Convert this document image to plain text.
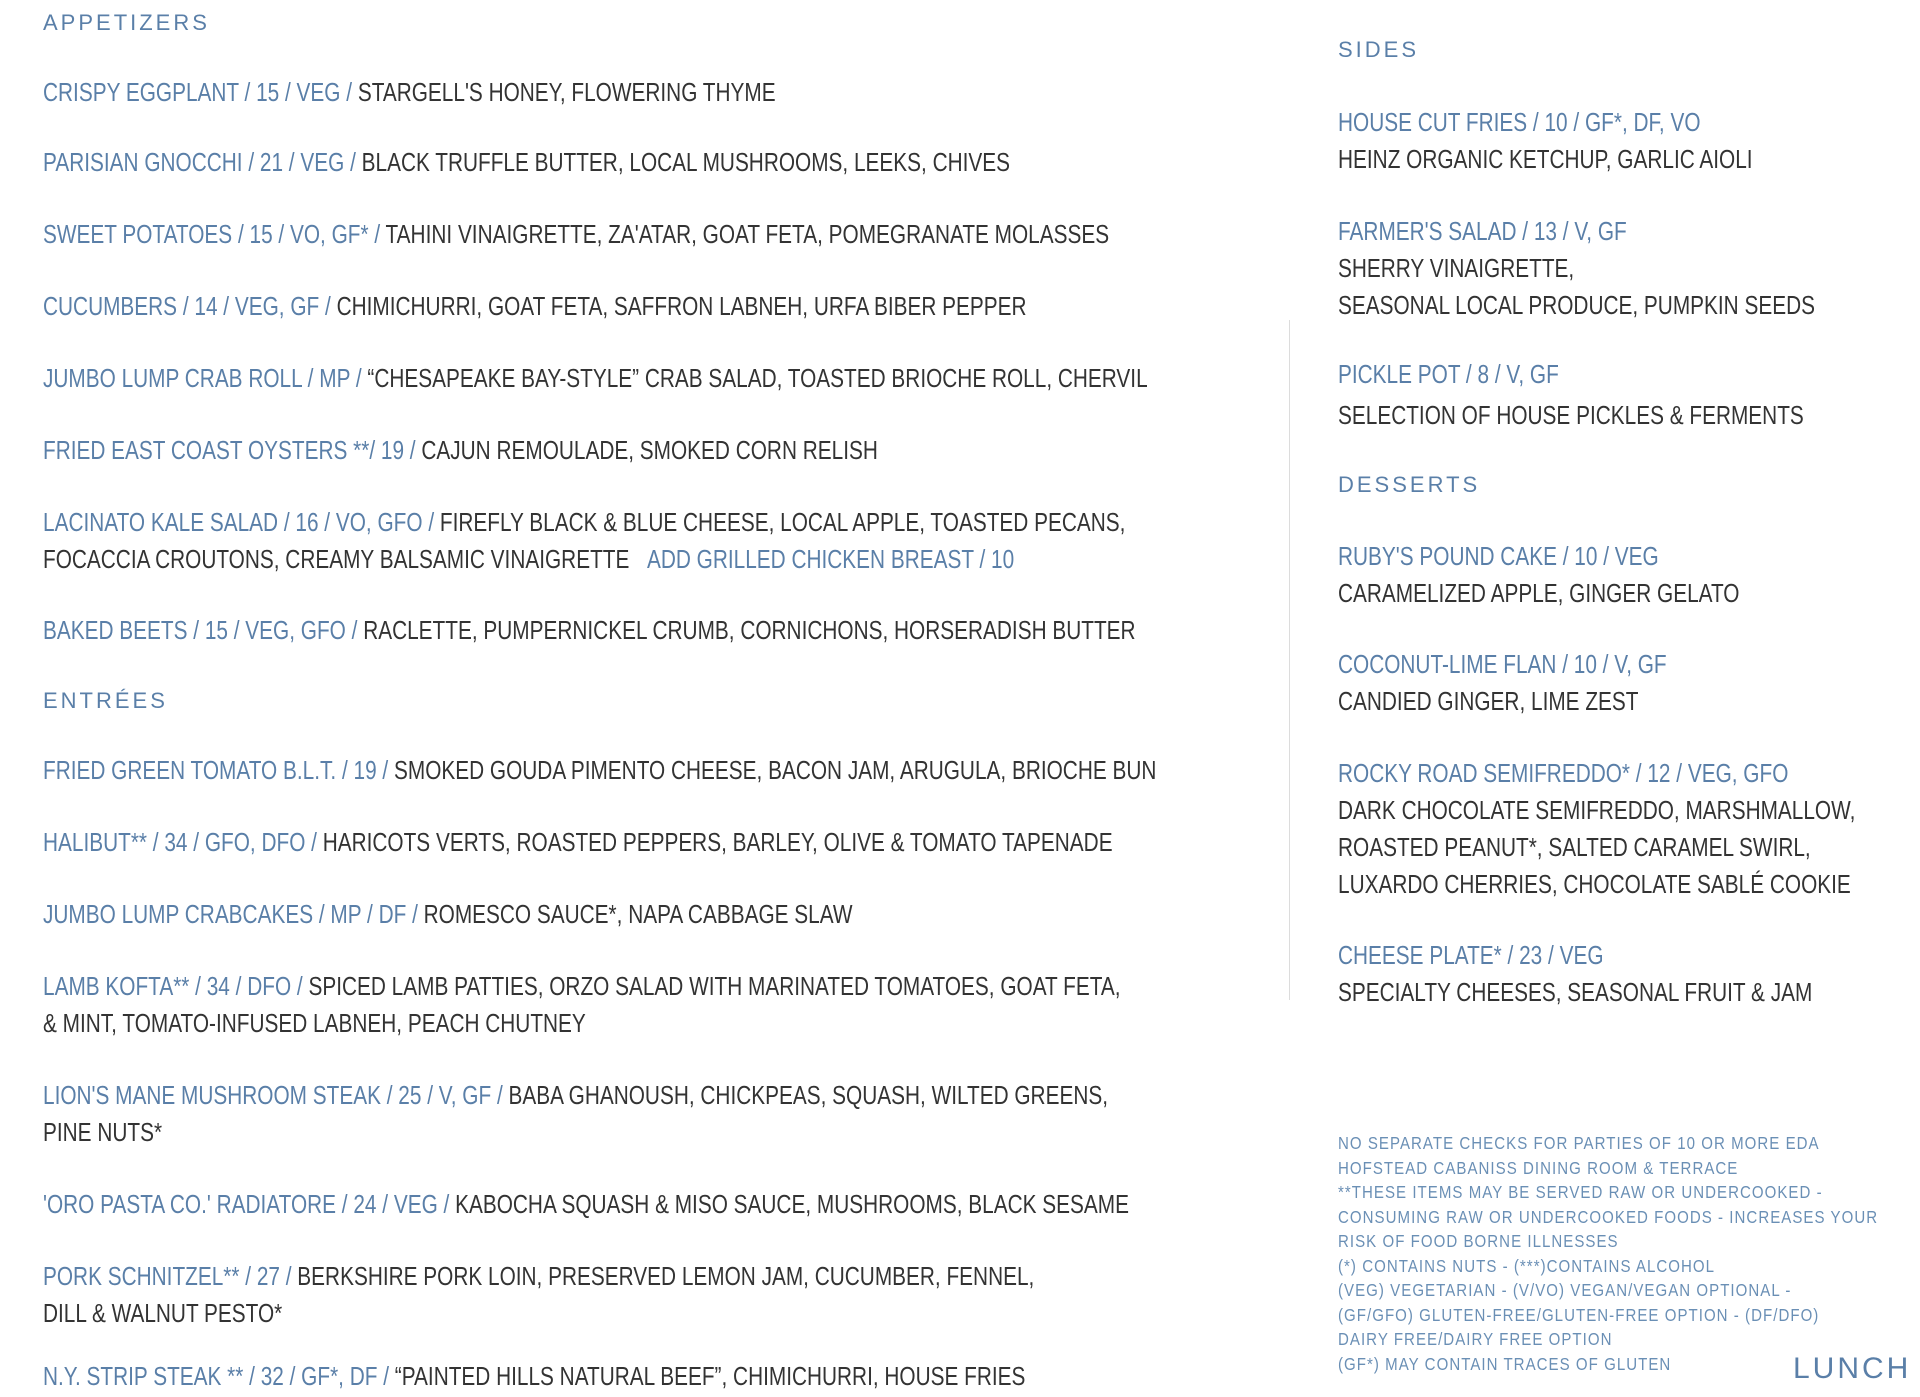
APPETIZERS
CRISPY EGGPLANT / 15 / VEG / STARGELL'S HONEY, FLOWERING THYME
PARISIAN GNOCCHI / 21 / VEG / BLACK TRUFFLE BUTTER, LOCAL MUSHROOMS, LEEKS, CHIVES
SWEET POTATOES / 15 / VO, GF* / TAHINI VINAIGRETTE, ZA'ATAR, GOAT FETA, POMEGRANATE MOLASSES
CUCUMBERS / 14 / VEG, GF / CHIMICHURRI, GOAT FETA, SAFFRON LABNEH, URFA BIBER PEPPER
JUMBO LUMP CRAB ROLL / MP / “CHESAPEAKE BAY-STYLE” CRAB SALAD, TOASTED BRIOCHE ROLL, CHERVIL
FRIED EAST COAST OYSTERS **/ 19 / CAJUN REMOULADE, SMOKED CORN RELISH
LACINATO KALE SALAD / 16 / VO, GFO / FIREFLY BLACK & BLUE CHEESE, LOCAL APPLE, TOASTED PECANS,
FOCACCIA CROUTONS, CREAMY BALSAMIC VINAIGRETTE ADD GRILLED CHICKEN BREAST / 10
BAKED BEETS / 15 / VEG, GFO / RACLETTE, PUMPERNICKEL CRUMB, CORNICHONS, HORSERADISH BUTTER
ENTRÉES
FRIED GREEN TOMATO B.L.T. / 19 / SMOKED GOUDA PIMENTO CHEESE, BACON JAM, ARUGULA, BRIOCHE BUN
HALIBUT** / 34 / GFO, DFO / HARICOTS VERTS, ROASTED PEPPERS, BARLEY, OLIVE & TOMATO TAPENADE
JUMBO LUMP CRABCAKES / MP / DF / ROMESCO SAUCE*, NAPA CABBAGE SLAW
LAMB KOFTA** / 34 / DFO / SPICED LAMB PATTIES, ORZO SALAD WITH MARINATED TOMATOES, GOAT FETA,
& MINT, TOMATO-INFUSED LABNEH, PEACH CHUTNEY
LION'S MANE MUSHROOM STEAK / 25 / V, GF / BABA GHANOUSH, CHICKPEAS, SQUASH, WILTED GREENS,
PINE NUTS*
'ORO PASTA CO.' RADIATORE / 24 / VEG / KABOCHA SQUASH & MISO SAUCE, MUSHROOMS, BLACK SESAME
PORK SCHNITZEL** / 27 / BERKSHIRE PORK LOIN, PRESERVED LEMON JAM, CUCUMBER, FENNEL,
DILL & WALNUT PESTO*
N.Y. STRIP STEAK ** / 32 / GF*, DF / “PAINTED HILLS NATURAL BEEF”, CHIMICHURRI, HOUSE FRIES
SIDES
HOUSE CUT FRIES / 10 / GF*, DF, VO
HEINZ ORGANIC KETCHUP, GARLIC AIOLI
FARMER'S SALAD / 13 / V, GF
SHERRY VINAIGRETTE,
SEASONAL LOCAL PRODUCE, PUMPKIN SEEDS
PICKLE POT / 8 / V, GF
SELECTION OF HOUSE PICKLES & FERMENTS
DESSERTS
RUBY'S POUND CAKE / 10 / VEG
CARAMELIZED APPLE, GINGER GELATO
COCONUT-LIME FLAN / 10 / V, GF
CANDIED GINGER, LIME ZEST
ROCKY ROAD SEMIFREDDO* / 12 / VEG, GFO
DARK CHOCOLATE SEMIFREDDO, MARSHMALLOW,
ROASTED PEANUT*, SALTED CARAMEL SWIRL,
LUXARDO CHERRIES, CHOCOLATE SABLÉ COOKIE
CHEESE PLATE* / 23 / VEG
SPECIALTY CHEESES, SEASONAL FRUIT & JAM
NO SEPARATE CHECKS FOR PARTIES OF 10 OR MORE EDA
HOFSTEAD CABANISS DINING ROOM & TERRACE
**THESE ITEMS MAY BE SERVED RAW OR UNDERCOOKED -
CONSUMING RAW OR UNDERCOOKED FOODS - INCREASES YOUR
RISK OF FOOD BORNE ILLNESSES
(*) CONTAINS NUTS - (***)CONTAINS ALCOHOL
(VEG) VEGETARIAN - (V/VO) VEGAN/VEGAN OPTIONAL -
(GF/GFO) GLUTEN-FREE/GLUTEN-FREE OPTION - (DF/DFO)
DAIRY FREE/DAIRY FREE OPTION
(GF*) MAY CONTAIN TRACES OF GLUTEN	LUNCH
